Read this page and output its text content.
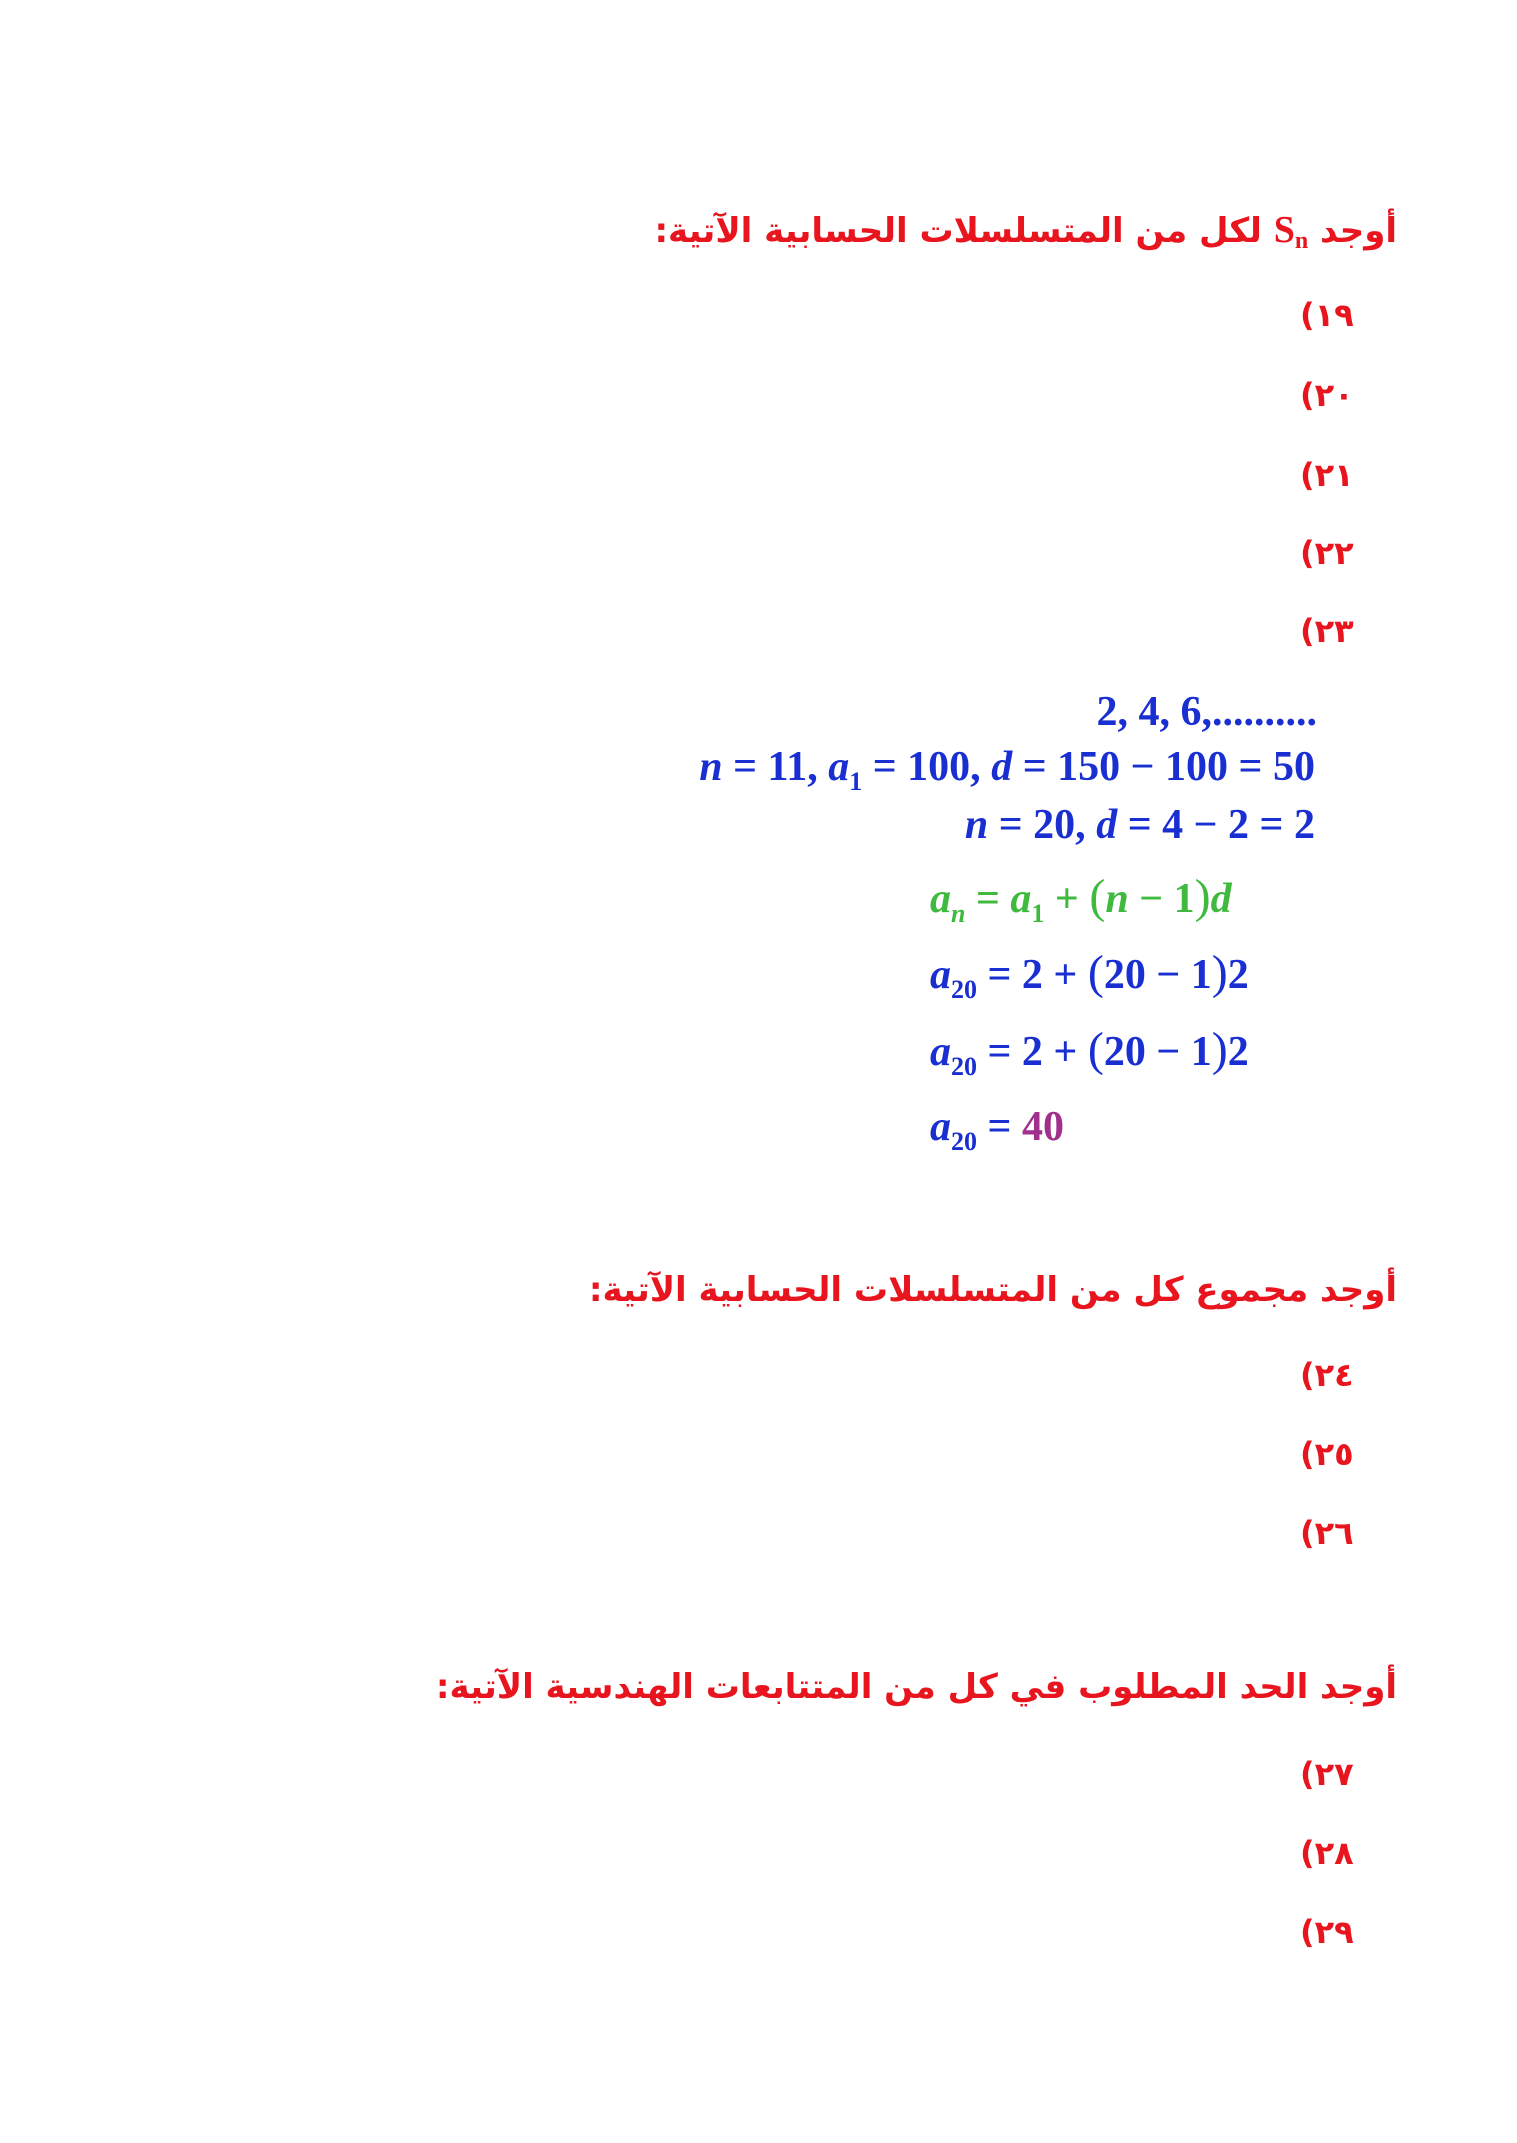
أوجد $S_n$ لكل من المتسلسلات الحسابية الآتية:
١٩)
٢٠)
٢١)
٢٢)
٢٣)
2, 4, 6,..........
n = 11, $a_1 = 100$, d = 150 − 100 = 50
n = 20, d = 4 − 2 = 2
$a_n = a_1 + (n - 1)d$
$a_{20} = 2 + (20 - 1)2$
$a_{20} = 2 + (20 - 1)2$
$a_{20} = 40$
أوجد مجموع كل من المتسلسلات الحسابية الآتية:
٢٤)
٢٥)
٢٦)
أوجد الحد المطلوب في كل من المتتابعات الهندسية الآتية:
٢٧)
٢٨)
٢٩)
